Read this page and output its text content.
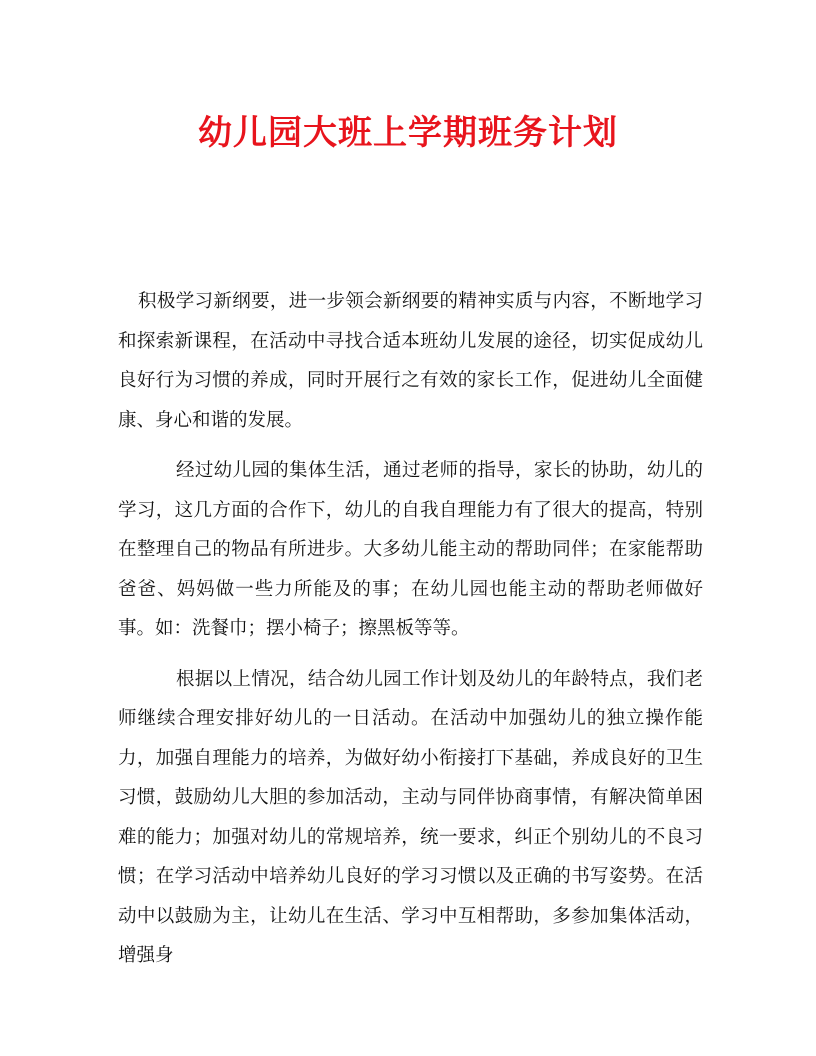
幼儿园大班上学期班务计划

积极学习新纲要，进一步领会新纲要的精神实质与内容，不断地学习和探索新课程，在活动中寻找合适本班幼儿发展的途径，切实促成幼儿良好行为习惯的养成，同时开展行之有效的家长工作，促进幼儿全面健康、身心和谐的发展。

经过幼儿园的集体生活，通过老师的指导，家长的协助，幼儿的学习，这几方面的合作下，幼儿的自我自理能力有了很大的提高，特别在整理自己的物品有所进步。大多幼儿能主动的帮助同伴；在家能帮助爸爸、妈妈做一些力所能及的事；在幼儿园也能主动的帮助老师做好事。如：洗餐巾；摆小椅子；擦黑板等等。

根据以上情况，结合幼儿园工作计划及幼儿的年龄特点，我们老师继续合理安排好幼儿的一日活动。在活动中加强幼儿的独立操作能力，加强自理能力的培养，为做好幼小衔接打下基础，养成良好的卫生习惯，鼓励幼儿大胆的参加活动，主动与同伴协商事情，有解决简单困难的能力；加强对幼儿的常规培养，统一要求，纠正个别幼儿的不良习惯；在学习活动中培养幼儿良好的学习习惯以及正确的书写姿势。在活动中以鼓励为主，让幼儿在生活、学习中互相帮助，多参加集体活动，增强身
